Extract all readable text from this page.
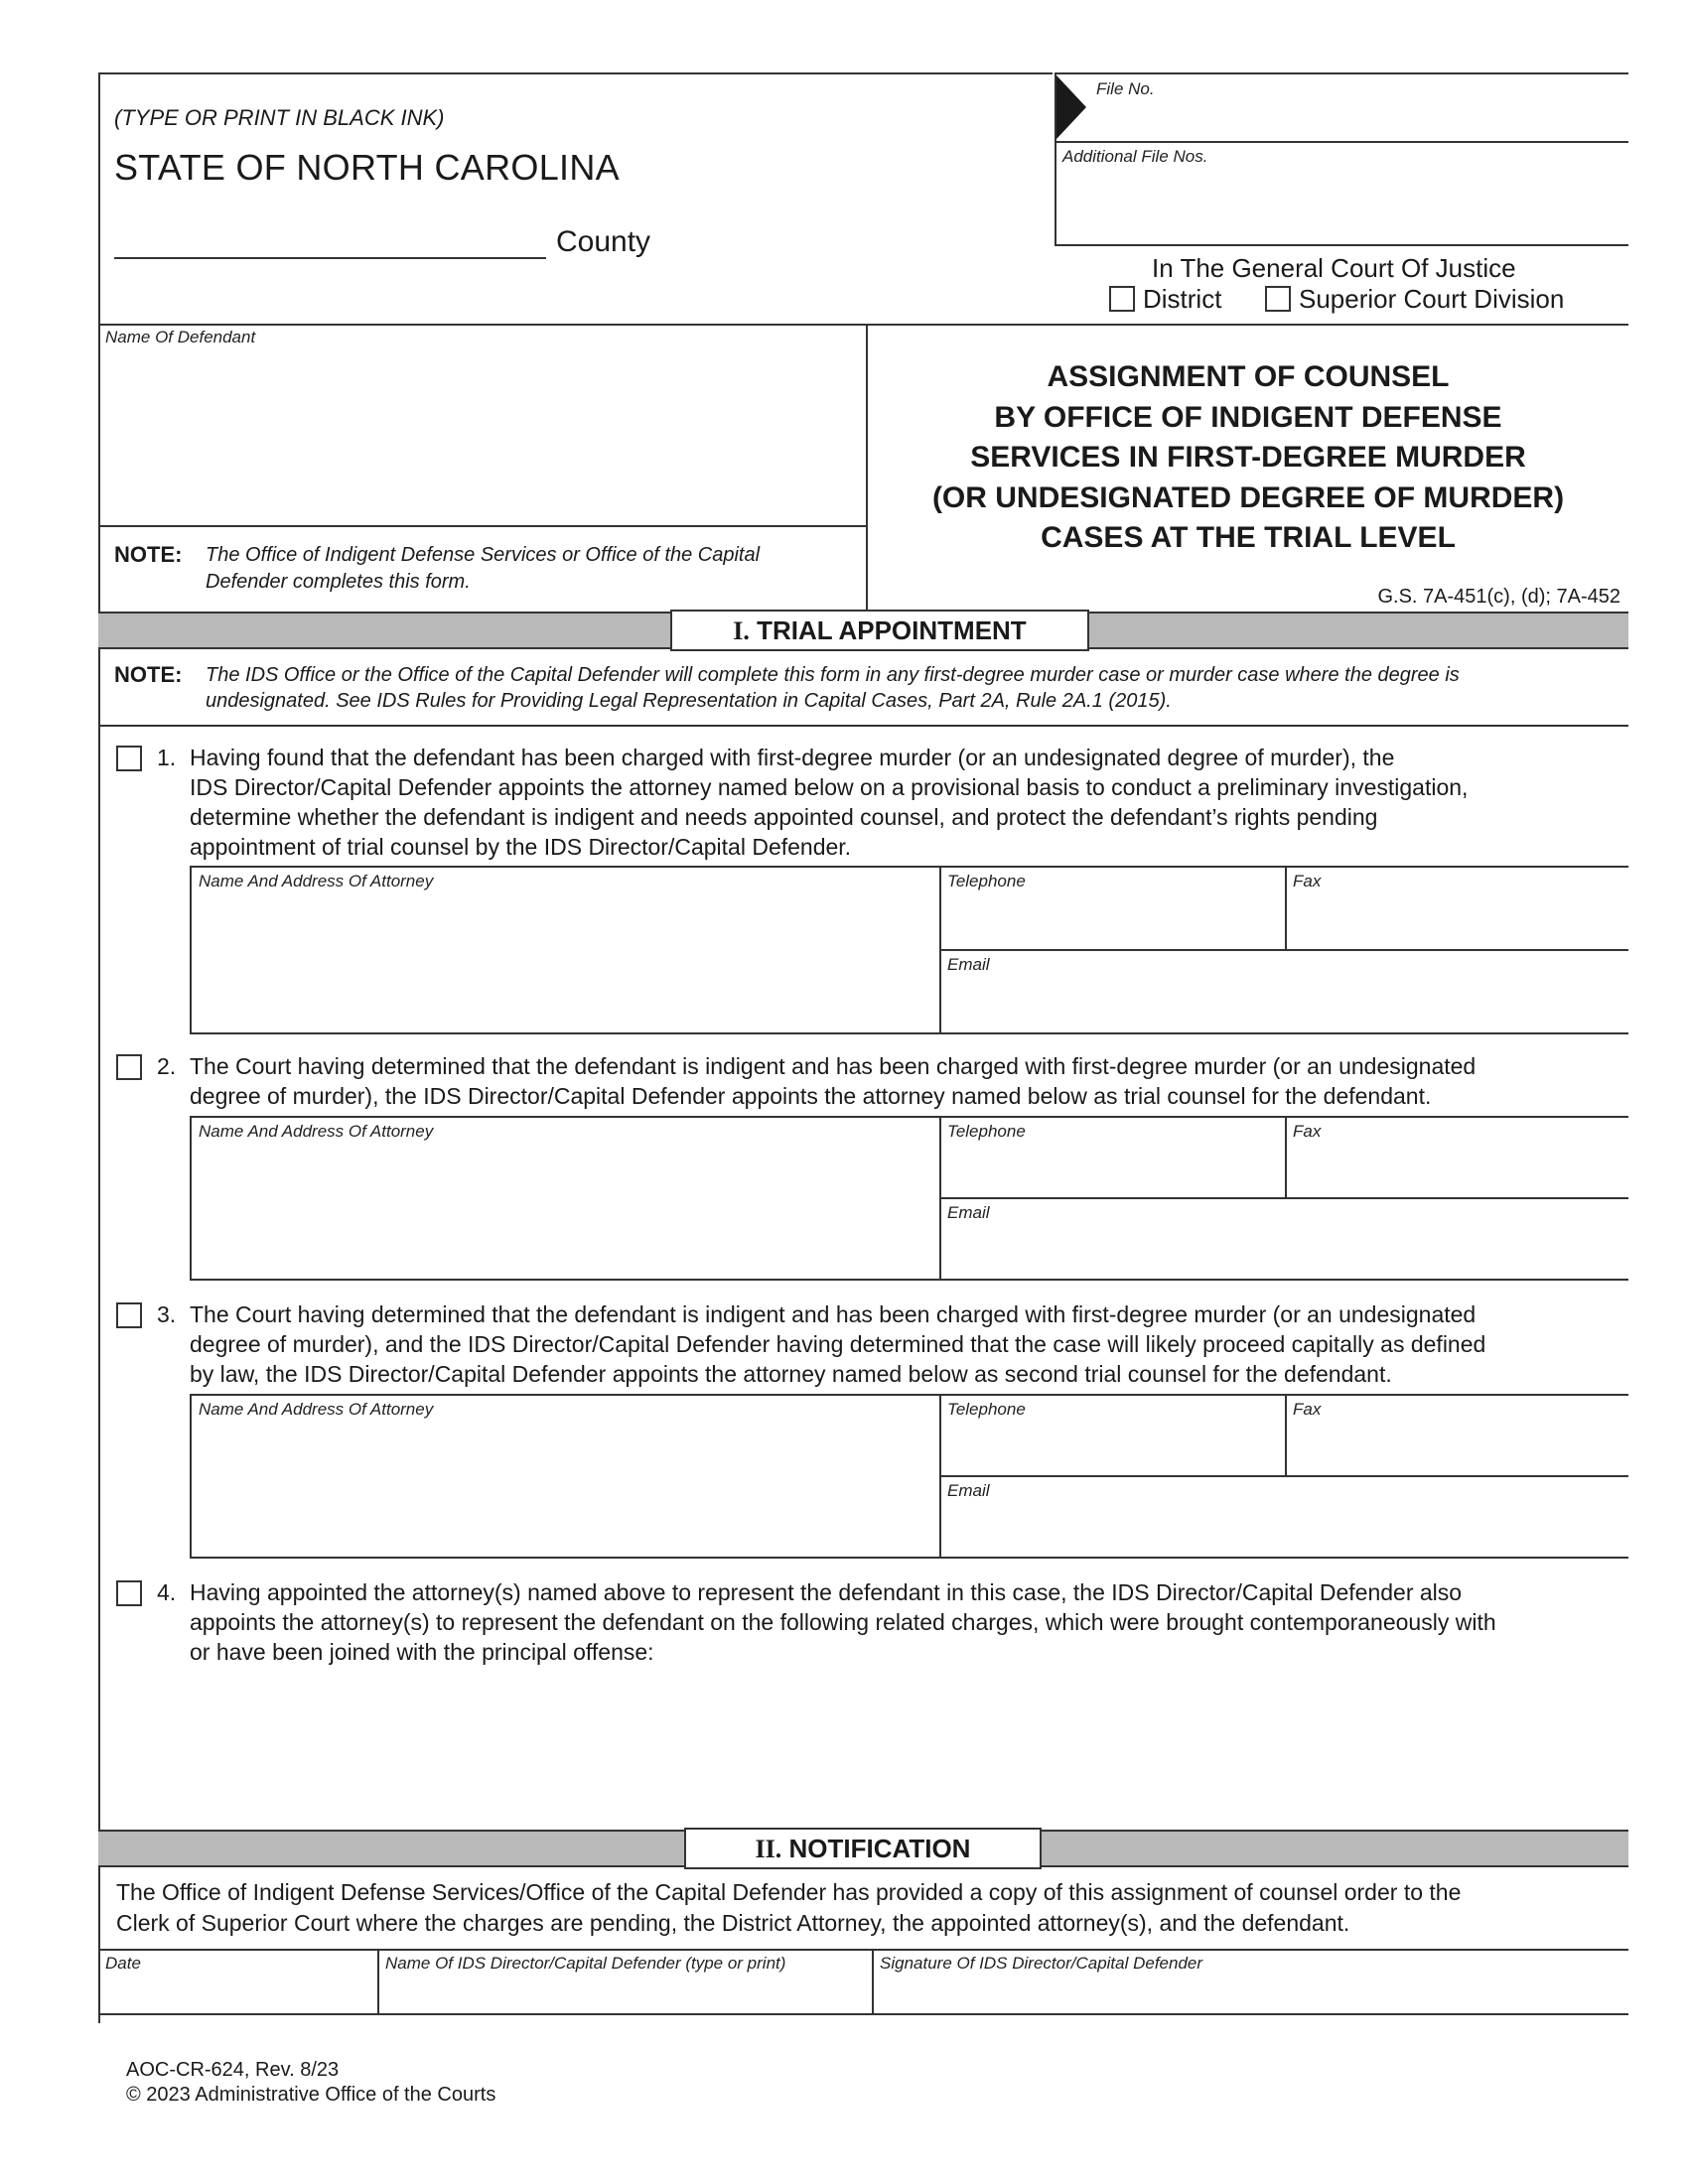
(TYPE OR PRINT IN BLACK INK)
STATE OF NORTH CAROLINA
County
File No.
Additional File Nos.
In The General Court Of Justice
District	Superior Court Division
Name Of Defendant
NOTE: The Office of Indigent Defense Services or Office of the Capital
Defender completes this form.
ASSIGNMENT OF COUNSEL
BY OFFICE OF INDIGENT DEFENSE
SERVICES IN FIRST-DEGREE MURDER
(OR UNDESIGNATED DEGREE OF MURDER)
CASES AT THE TRIAL LEVEL
G.S. 7A-451(c), (d); 7A-452
I. TRIAL APPOINTMENT
NOTE: The IDS Office or the Office of the Capital Defender will complete this form in any first-degree murder case or murder case where the degree is
undesignated. See IDS Rules for Providing Legal Representation in Capital Cases, Part 2A, Rule 2A.1 (2015).
1. Having found that the defendant has been charged with first-degree murder (or an undesignated degree of murder), the
IDS Director/Capital Defender appoints the attorney named below on a provisional basis to conduct a preliminary investigation,
determine whether the defendant is indigent and needs appointed counsel, and protect the defendant’s rights pending
appointment of trial counsel by the IDS Director/Capital Defender.
Name And Address Of Attorney	Telephone	Fax
Email
2. The Court having determined that the defendant is indigent and has been charged with first-degree murder (or an undesignated
degree of murder), the IDS Director/Capital Defender appoints the attorney named below as trial counsel for the defendant.
Name And Address Of Attorney	Telephone	Fax
Email
3. The Court having determined that the defendant is indigent and has been charged with first-degree murder (or an undesignated
degree of murder), and the IDS Director/Capital Defender having determined that the case will likely proceed capitally as defined
by law, the IDS Director/Capital Defender appoints the attorney named below as second trial counsel for the defendant.
Name And Address Of Attorney	Telephone	Fax
Email
4. Having appointed the attorney(s) named above to represent the defendant in this case, the IDS Director/Capital Defender also
appoints the attorney(s) to represent the defendant on the following related charges, which were brought contemporaneously with
or have been joined with the principal offense:
II. NOTIFICATION
The Office of Indigent Defense Services/Office of the Capital Defender has provided a copy of this assignment of counsel order to the
Clerk of Superior Court where the charges are pending, the District Attorney, the appointed attorney(s), and the defendant.
Date	Name Of IDS Director/Capital Defender (type or print)	Signature Of IDS Director/Capital Defender
AOC-CR-624, Rev. 8/23
© 2023 Administrative Office of the Courts
